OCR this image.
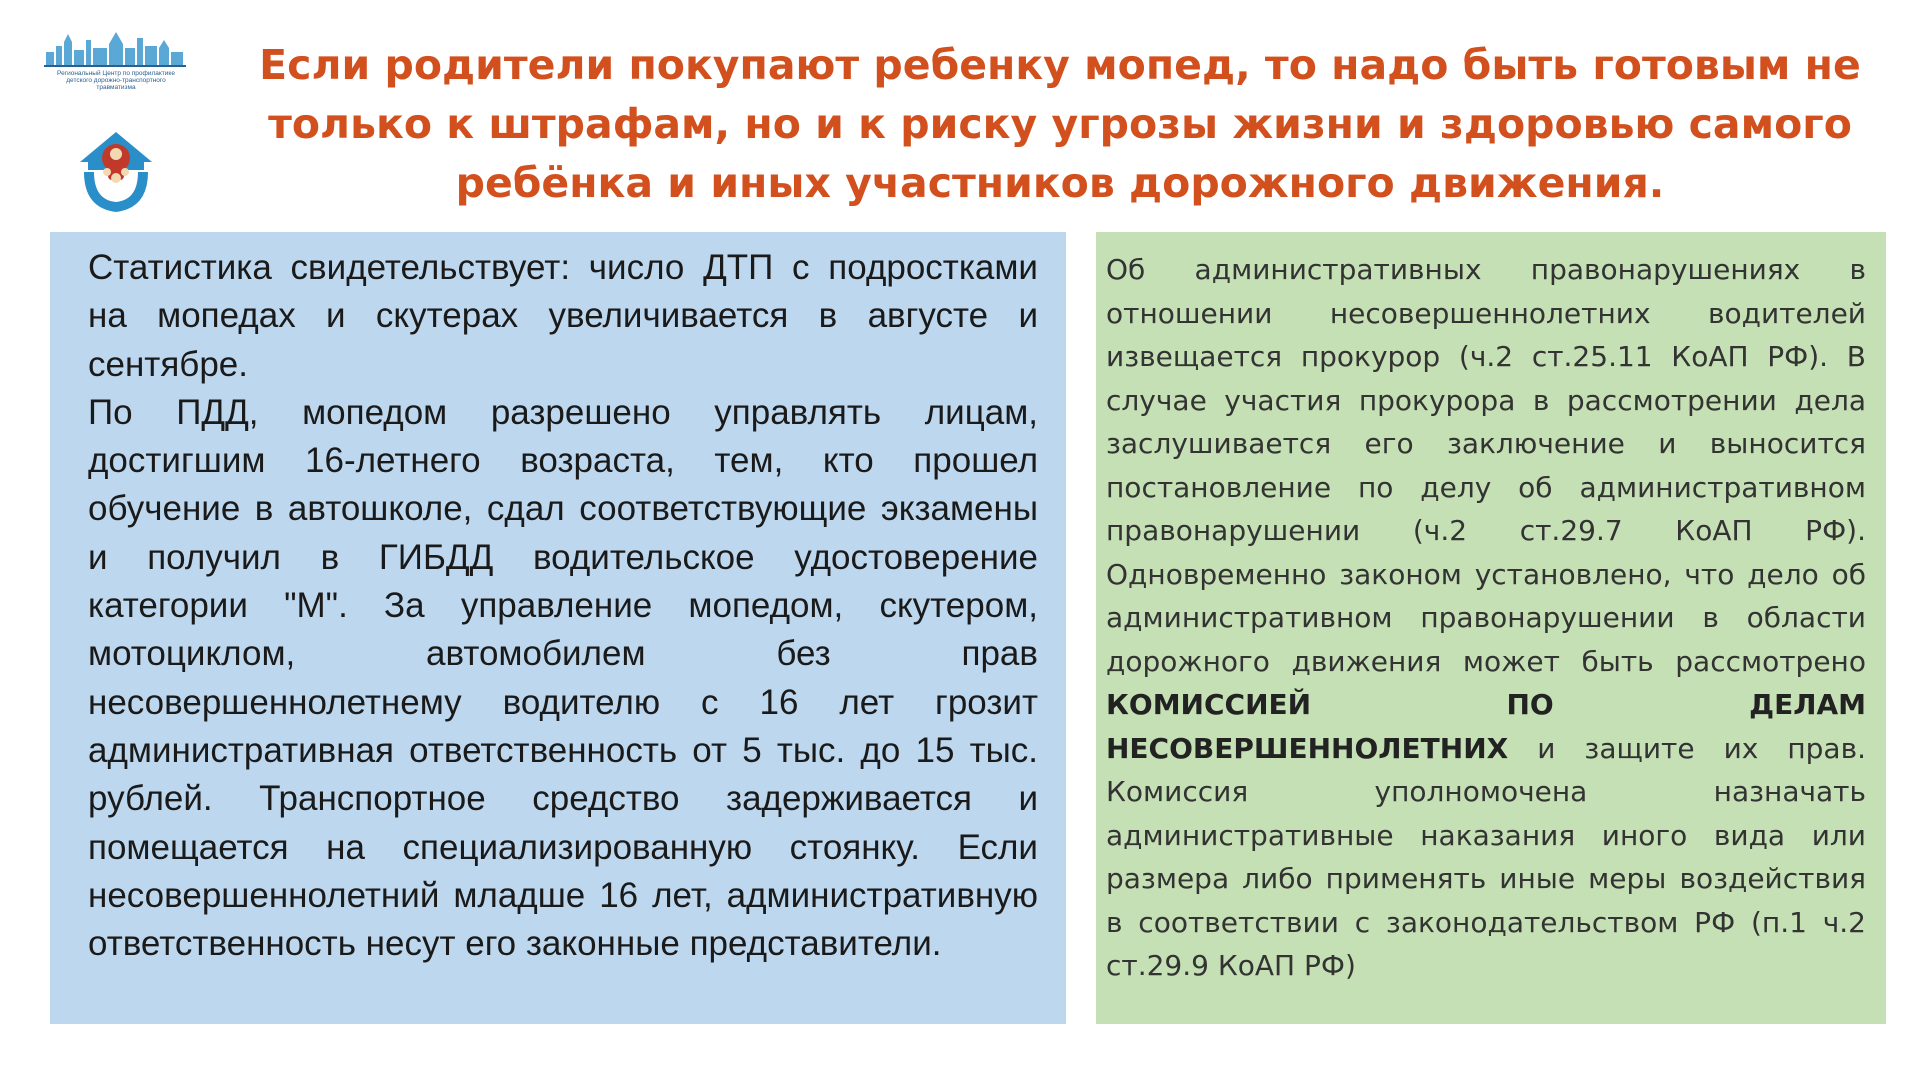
Региональный Центр по профилактике детского дорожно-транспортного травматизма	Если родители покупают ребенку мопед, то надо быть готовым не только к штрафам, но и к риску угрозы жизни и здоровью самого ребёнка и иных участников дорожного движения.

Статистика свидетельствует: число ДТП с подростками на мопедах и скутерах увеличивается в августе и сентябре.

По ПДД, мопедом разрешено управлять лицам, достигшим 16-летнего возраста, тем, кто прошел обучение в автошколе, сдал соответствующие экзамены и получил в ГИБДД водительское удостоверение категории "М". За управление мопедом, скутером, мотоциклом, автомобилем без прав несовершеннолетнему водителю с 16 лет грозит административная ответственность от 5 тыс. до 15 тыс. рублей. Транспортное средство задерживается и помещается на специализированную стоянку. Если несовершеннолетний младше 16 лет, административную ответственность несут его законные представители.

Об административных правонарушениях в отношении несовершеннолетних водителей извещается прокурор (ч.2 ст.25.11 КоАП РФ). В случае участия прокурора в рассмотрении дела заслушивается его заключение и выносится постановление по делу об административном правонарушении (ч.2 ст.29.7 КоАП РФ). Одновременно законом установлено, что дело об административном правонарушении в области дорожного движения может быть рассмотрено КОМИССИЕЙ ПО ДЕЛАМ НЕСОВЕРШЕННОЛЕТНИХ и защите их прав. Комиссия уполномочена назначать административные наказания иного вида или размера либо применять иные меры воздействия в соответствии с законодательством РФ (п.1 ч.2 ст.29.9 КоАП РФ)
